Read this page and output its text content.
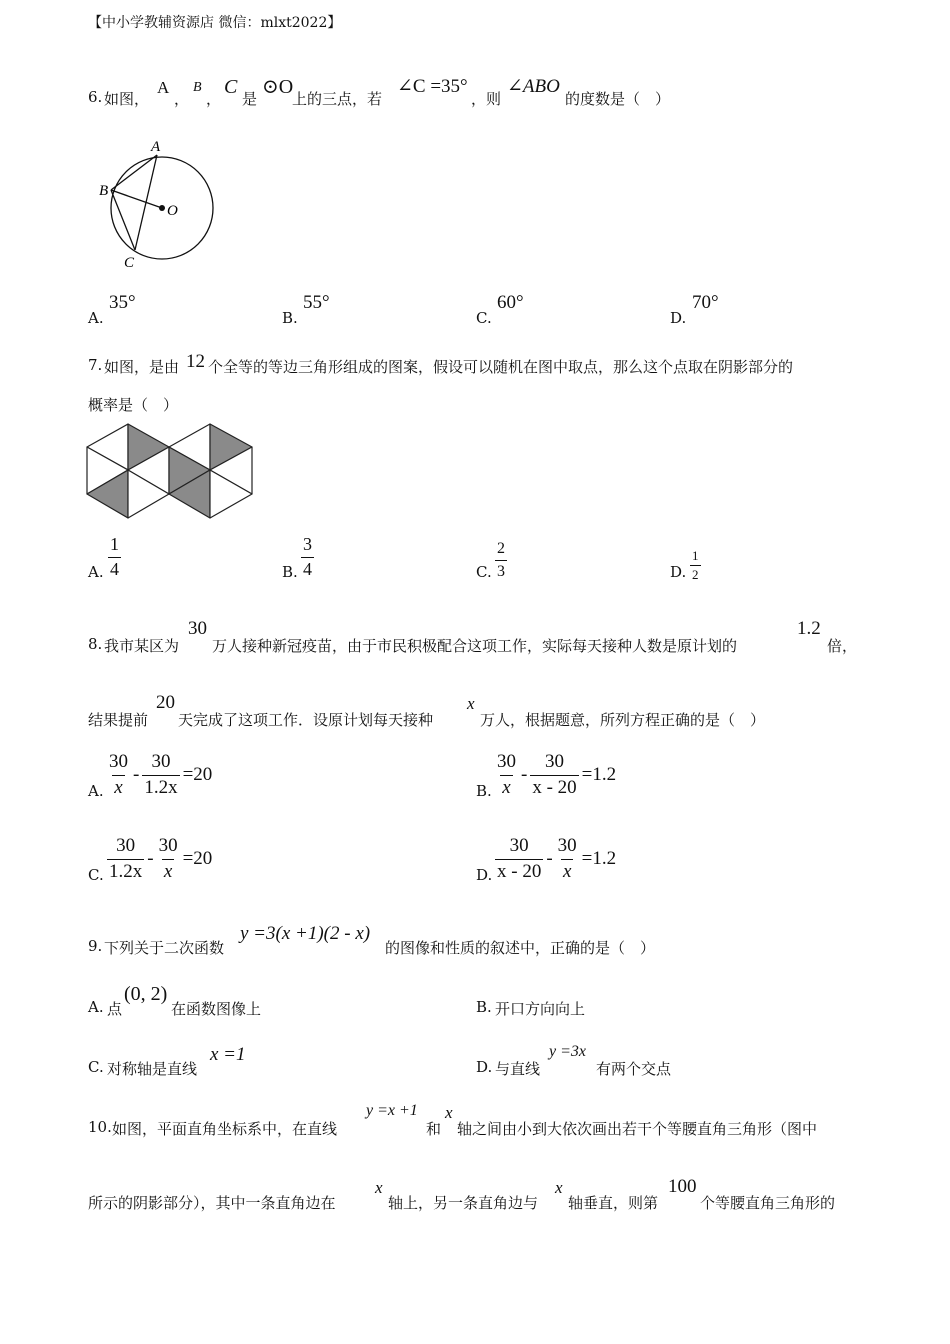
【中小学教辅资源店 微信：mlxt2022】
6. 如图，
A
，
B
，
C
是
⊙O
上的三点，若
∠C =35°
，则
∠ABO
的度数是（　）
A
B
C
O
A.
35°
B.
55°
C.
60°
D.
70°
7. 如图，是由 12 个全等的等边三角形组成的图案，假设可以随机在图中取点，那么这个点取在阴影部分的
概率是（　）
A. $\frac{1}{4}$	B. $\frac{3}{4}$	C. $\frac{2}{3}$	D. $\frac{1}{2}$
8. 我市某区为
30
万人接种新冠疫苗，由于市民积极配合这项工作，实际每天接种人数是原计划的
1.2
倍，
结果提前
20
天完成了这项工作．设原计划每天接种
x
万人，根据题意，所列方程正确的是（　）
A. $\frac{30}{x} - \frac{30}{1.2x} =20$
B. $\frac{30}{x} - \frac{30}{x - 20} =1.2$
C. $\frac{30}{1.2x} - \frac{30}{x} =20$
D. $\frac{30}{x - 20} - \frac{30}{x} =1.2$
9. 下列关于二次函数
y =3(x +1)(2 - x)
的图像和性质的叙述中，正确的是（　）
A. 点
(0, 2)
在函数图像上	B. 开口方向向上
C. 对称轴是直线
x =1
D. 与直线
y =3x
有两个交点
10. 如图，平面直角坐标系中，在直线
y =x +1
和
x
轴之间由小到大依次画出若干个等腰直角三角形（图中
所示的阴影部分），其中一条直角边在
x
轴上，另一条直角边与
x
轴垂直，则第
100
个等腰直角三角形的
